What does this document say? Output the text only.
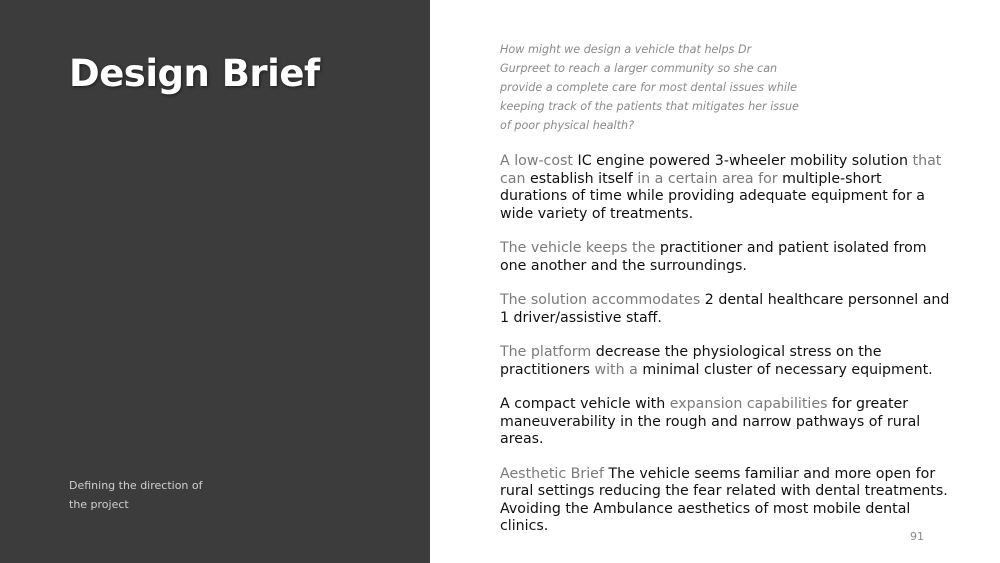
Design Brief
Defining the direction of the project

How might we design a vehicle that helps Dr Gurpreet to reach a larger community so she can provide a complete care for most dental issues while keeping track of the patients that mitigates her issue of poor physical health?

A low-cost IC engine powered 3-wheeler mobility solution that can establish itself in a certain area for multiple-short durations of time while providing adequate equipment for a wide variety of treatments.

The vehicle keeps the practitioner and patient isolated from one another and the surroundings.

The solution accommodates 2 dental healthcare personnel and 1 driver/assistive staff.

The platform decrease the physiological stress on the practitioners with a minimal cluster of necessary equipment.

A compact vehicle with expansion capabilities for greater maneuverability in the rough and narrow pathways of rural areas.

Aesthetic Brief The vehicle seems familiar and more open for rural settings reducing the fear related with dental treatments. Avoiding the Ambulance aesthetics of most mobile dental clinics.

91
